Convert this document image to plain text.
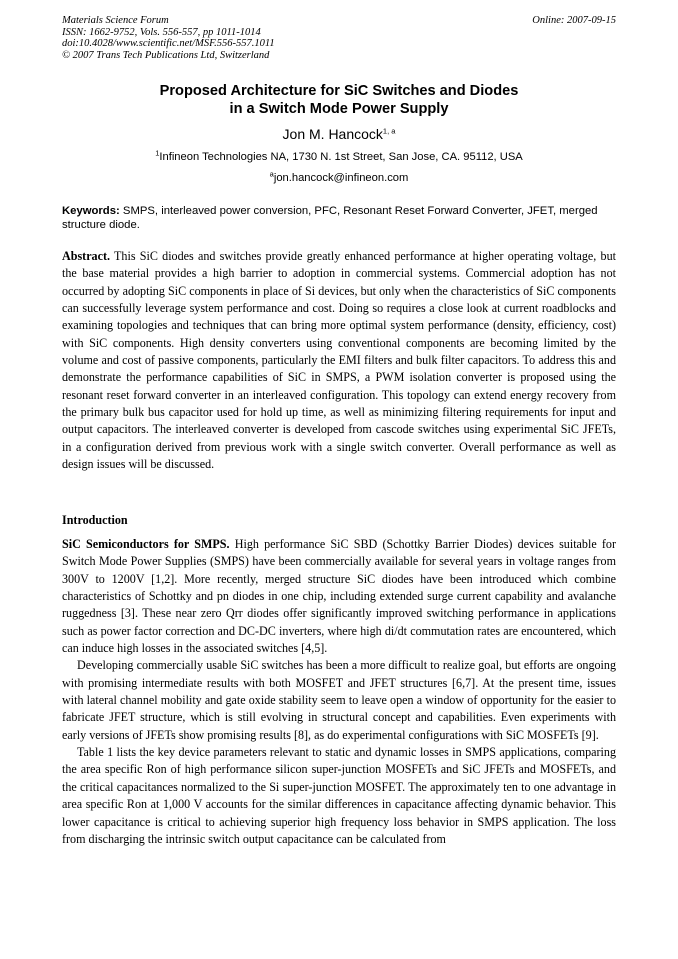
Materials Science Forum
ISSN: 1662-9752, Vols. 556-557, pp 1011-1014
doi:10.4028/www.scientific.net/MSF.556-557.1011
© 2007 Trans Tech Publications Ltd, Switzerland
Online: 2007-09-15
Proposed Architecture for SiC Switches and Diodes
in a Switch Mode Power Supply
Jon M. Hancock$^{1, a}$
$^1$Infineon Technologies NA, 1730 N. 1st Street, San Jose, CA. 95112, USA
$^a$jon.hancock@infineon.com
Keywords: SMPS, interleaved power conversion, PFC, Resonant Reset Forward Converter, JFET, merged structure diode.
Abstract. This SiC diodes and switches provide greatly enhanced performance at higher operating voltage, but the base material provides a high barrier to adoption in commercial systems. Commercial adoption has not occurred by adopting SiC components in place of Si devices, but only when the characteristics of SiC components can successfully leverage system performance and cost. Doing so requires a close look at current roadblocks and examining topologies and techniques that can bring more optimal system performance (density, efficiency, cost) with SiC components. High density converters using conventional components are becoming limited by the volume and cost of passive components, particularly the EMI filters and bulk filter capacitors. To address this and demonstrate the performance capabilities of SiC in SMPS, a PWM isolation converter is proposed using the resonant reset forward converter in an interleaved configuration. This topology can extend energy recovery from the primary bulk bus capacitor used for hold up time, as well as minimizing filtering requirements for input and output capacitors. The interleaved converter is developed from cascode switches using experimental SiC JFETs, in a configuration derived from previous work with a single switch converter. Overall performance as well as design issues will be discussed.
Introduction

SiC Semiconductors for SMPS. High performance SiC SBD (Schottky Barrier Diodes) devices suitable for Switch Mode Power Supplies (SMPS) have been commercially available for several years in voltage ranges from 300V to 1200V [1,2]. More recently, merged structure SiC diodes have been introduced which combine characteristics of Schottky and pn diodes in one chip, including extended surge current capability and avalanche ruggedness [3]. These near zero Qrr diodes offer significantly improved switching performance in applications such as power factor correction and DC-DC inverters, where high di/dt commutation rates are encountered, which can induce high losses in the associated switches [4,5].

Developing commercially usable SiC switches has been a more difficult to realize goal, but efforts are ongoing with promising intermediate results with both MOSFET and JFET structures [6,7]. At the present time, issues with lateral channel mobility and gate oxide stability seem to leave open a window of opportunity for the easier to fabricate JFET structure, which is still evolving in structural concept and capabilities. Even experiments with early versions of JFETs show promising results [8], as do experimental configurations with SiC MOSFETs [9].

Table 1 lists the key device parameters relevant to static and dynamic losses in SMPS applications, comparing the area specific Ron of high performance silicon super-junction MOSFETs and SiC JFETs and MOSFETs, and the critical capacitances normalized to the Si super-junction MOSFET. The approximately ten to one advantage in area specific Ron at 1,000 V accounts for the similar differences in capacitance affecting dynamic behavior. This lower capacitance is critical to achieving superior high frequency loss behavior in SMPS application. The loss from discharging the intrinsic switch output capacitance can be calculated from
